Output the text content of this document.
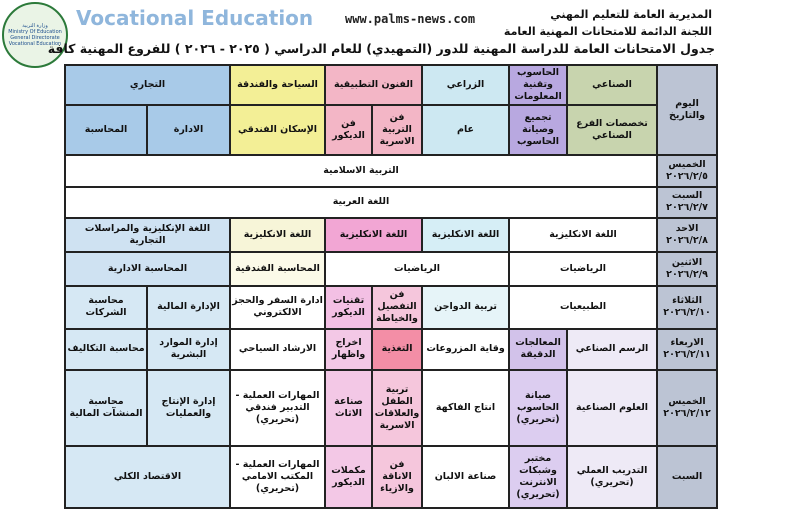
وزارة التربية
Ministry Of Education
General Directorate Vocational Education
المديرية العامة للتعليم المهني
اللجنة الدائمة للامتحانات المهنية العامة
جدول الامتحانات العامة للدراسة المهنية للدور (التمهيدي) للعام الدراسي ( ٢٠٢٥ - ٢٠٢٦ ) للفروع المهنية كافة
اليوم والتاريخ	الصناعي	الحاسوب وتقنية المعلومات	الزراعي	الفنون التطبيقية		السياحة والفندقة	التجاري	
	تخصصات الفرع الصناعي	تجميع وصيانة الحاسوب	عام	فن التربية الاسرية	فن الديكور	الإسكان الفندقي	الادارة	المحاسبة

الخميس
٢٠٢٦/٢/٥	التربية الاسلامية							

السبت
٢٠٢٦/٢/٧	اللغة العربية							

الاحد
٢٠٢٦/٢/٨	اللغة الانكليزية		اللغة الانكليزية	اللغة الانكليزية		اللغة الانكليزية	اللغة الإنكليزية والمراسلات التجارية	

الاثنين
٢٠٢٦/٢/٩	الرياضيات		الرياضيات			المحاسبة الفندقية	المحاسبة الادارية	

الثلاثاء
٢٠٢٦/٢/١٠	الطبيعيات		تربية الدواجن	فن التفصيل والخياطة	تقنيات الديكور	ادارة السفر والحجز الالكتروني	الإدارة المالية	محاسبة الشركات

الاربعاء
٢٠٢٦/٢/١١	الرسم الصناعي	المعالجات الدقيقة	وقاية المزروعات	التغذية	اخراج واظهار	الارشاد السياحي	إدارة الموارد البشرية	محاسبة التكاليف

الخميس
٢٠٢٦/٢/١٢	العلوم الصناعية	صيانة الحاسوب (تحريري)	انتاج الفاكهة	تربية الطفل والعلاقات الاسرية	صناعة الاثاث	المهارات العملية - التدبير فندقي (تحريري)	إدارة الإنتاج والعمليات	محاسبة المنشآت المالية

السبت	التدريب العملي (تحريري)	مختبر وشبكات الانترنت (تحريري)	صناعة الالبان	فن الاناقة والازياء	مكملات الديكور	المهارات العملية - المكتب الامامي (تحريري)	الاقتصاد الكلي	
Vocational Education	www.palms-news.com
